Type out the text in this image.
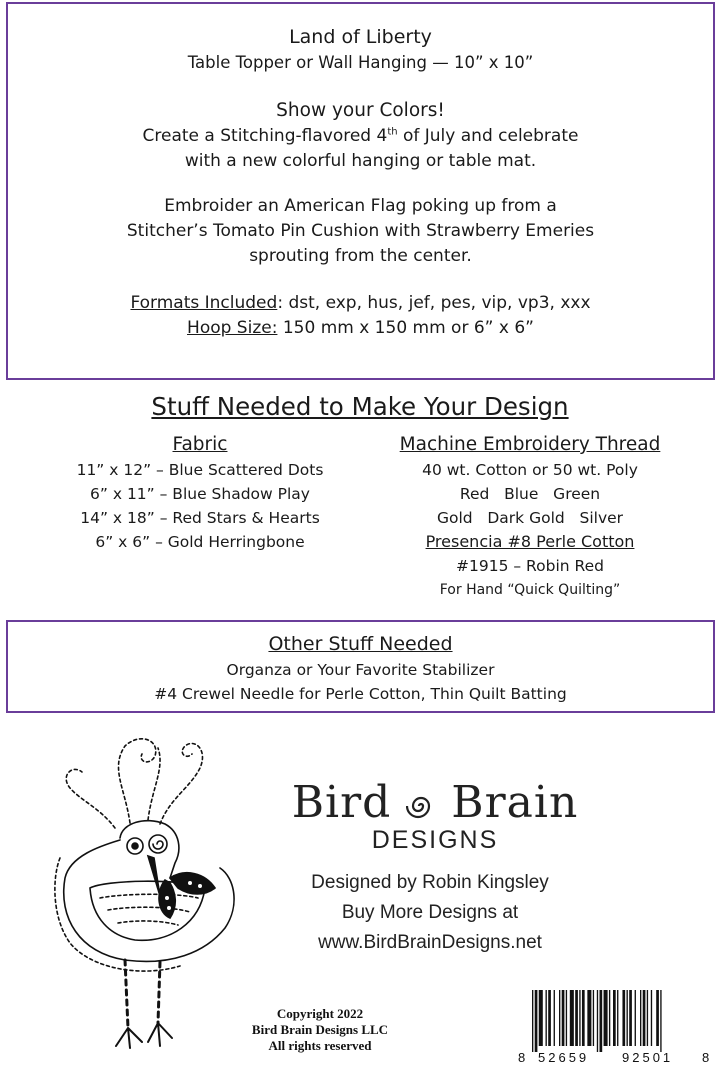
Land of Liberty
Table Topper or Wall Hanging — 10” x 10”
Show your Colors!
Create a Stitching-flavored 4th of July and celebrate
with a new colorful hanging or table mat.
Embroider an American Flag poking up from a
Stitcher’s Tomato Pin Cushion with Strawberry Emeries
sprouting from the center.
Formats Included: dst, exp, hus, jef, pes, vip, vp3, xxx
Hoop Size: 150 mm x 150 mm or 6” x 6”
Stuff Needed to Make Your Design
Fabric
11” x 12” – Blue Scattered Dots
6” x 11” – Blue Shadow Play
14” x 18” – Red Stars & Hearts
6” x 6” – Gold Herringbone
Machine Embroidery Thread
40 wt. Cotton or 50 wt. Poly
Red   Blue   Green
Gold   Dark Gold   Silver
Presencia #8 Perle Cotton
#1915 – Robin Red
For Hand “Quick Quilting”
Other Stuff Needed
Organza or Your Favorite Stabilizer
#4 Crewel Needle for Perle Cotton, Thin Quilt Batting
Bird Brain
DESIGNS
Designed by Robin Kingsley
Buy More Designs at
www.BirdBrainDesigns.net
Copyright 2022
Bird Brain Designs LLC
All rights reserved
8 52659	92501 8
